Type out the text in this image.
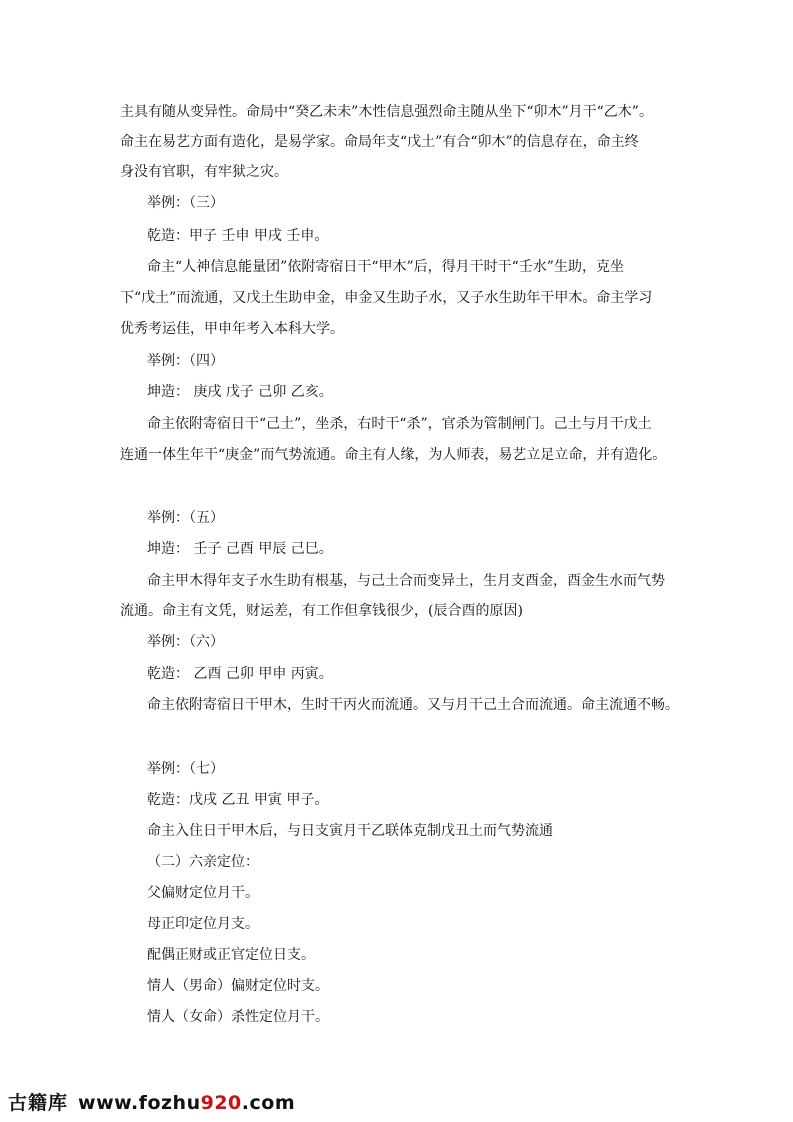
主具有随从变异性。命局中“癸乙未未”木性信息强烈命主随从坐下“卯木”月干“乙木”。
命主在易艺方面有造化，是易学家。命局年支“戊土”有合“卯木”的信息存在，命主终
身没有官职，有牢狱之灾。
举例：（三）
乾造：甲子 壬申 甲戌 壬申。
命主“人神信息能量团”依附寄宿日干“甲木”后，得月干时干“壬水”生助，克坐
下“戊土”而流通，又戊土生助申金，申金又生助子水，又子水生助年干甲木。命主学习
优秀考运佳，甲申年考入本科大学。
举例：（四）
坤造： 庚戌 戊子 己卯 乙亥。
命主依附寄宿日干“己土”，坐杀，右时干“杀”，官杀为管制闸门。己土与月干戊土
连通一体生年干“庚金”而气势流通。命主有人缘，为人师表，易艺立足立命，并有造化。
举例：（五）
坤造： 壬子 己酉 甲辰 己巳。
命主甲木得年支子水生助有根基，与己土合而变异土，生月支酉金，酉金生水而气势
流通。命主有文凭，财运差，有工作但拿钱很少，(辰合酉的原因)
举例：（六）
乾造： 乙酉 己卯 甲申 丙寅。
命主依附寄宿日干甲木，生时干丙火而流通。又与月干己土合而流通。命主流通不畅。
举例：（七）
乾造：戊戌 乙丑 甲寅 甲子。
命主入住日干甲木后，与日支寅月干乙联体克制戊丑土而气势流通
（二）六亲定位：
父偏财定位月干。
母正印定位月支。
配偶正财或正官定位日支。
情人（男命）偏财定位时支。
情人（女命）杀性定位月干。
古籍库 www.fozhu920.com
